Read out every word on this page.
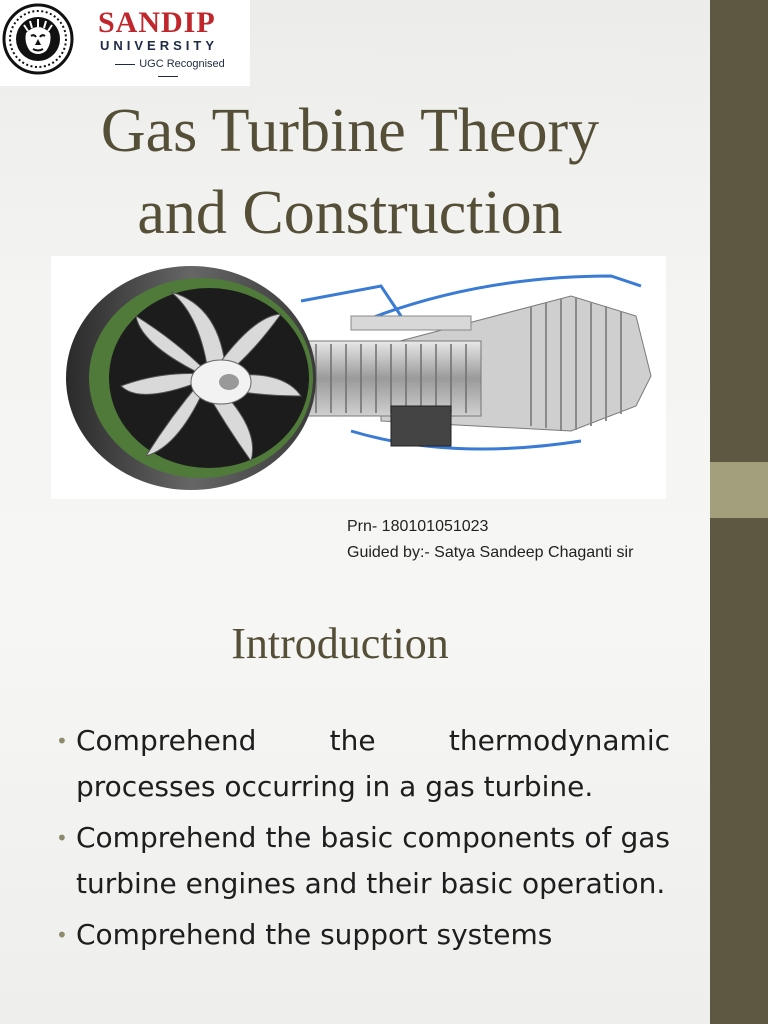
SANDIP
UNIVERSITY
UGC Recognised
Gas Turbine Theory
and Construction
Prn- 180101051023
Guided by:- Satya Sandeep Chaganti sir
Introduction
• Comprehend the thermodynamic processes occurring in a gas turbine.
• Comprehend the basic components of gas turbine engines and their basic operation.
• Comprehend the support systems
